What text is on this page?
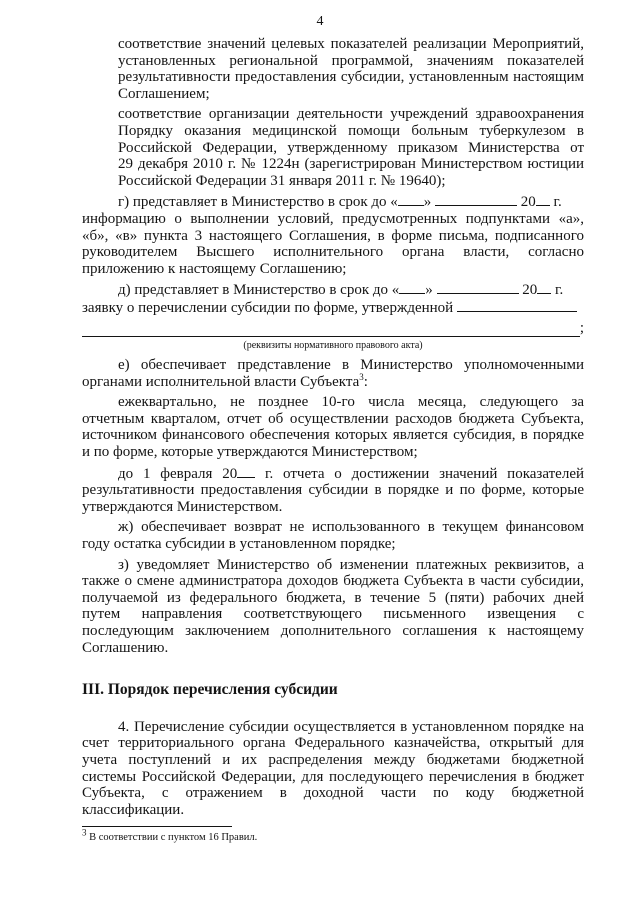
4

соответствие значений целевых показателей реализации Мероприятий,
установленных региональной программой, значениям показателей
результативности предоставления субсидии, установленным настоящим
Соглашением;

соответствие организации деятельности учреждений здравоохранения
Порядку оказания медицинской помощи больным туберкулезом в
Российской Федерации, утвержденному приказом Министерства от
29 декабря 2010 г. № 1224н (зарегистрирован Министерством юстиции
Российской Федерации 31 января 2011 г. № 19640);

г) представляет в Министерство в срок до « »	20 г.
информацию о выполнении условий, предусмотренных подпунктами «а»,
«б», «в» пункта 3 настоящего Соглашения, в форме письма, подписанного
руководителем Высшего исполнительного органа власти, согласно
приложению к настоящему Соглашению;

д) представляет в Министерство в срок до « »	20 г.
заявку о перечислении субсидии по форме, утвержденной

;
(реквизиты нормативного правового акта)

е) обеспечивает представление в Министерство уполномоченными
органами исполнительной власти Субъекта$^3$:

ежеквартально, не позднее 10-го числа месяца, следующего за
отчетным кварталом, отчет об осуществлении расходов бюджета Субъекта,
источником финансового обеспечения которых является субсидия, в порядке
и по форме, которые утверждаются Министерством;

до 1 февраля 20 г. отчета о достижении значений показателей
результативности предоставления субсидии в порядке и по форме, которые
утверждаются Министерством.

ж) обеспечивает возврат не использованного в текущем финансовом
году остатка субсидии в установленном порядке;

з) уведомляет Министерство об изменении платежных реквизитов, а
также о смене администратора доходов бюджета Субъекта в части субсидии,
получаемой из федерального бюджета, в течение 5 (пяти) рабочих дней
путем направления соответствующего письменного извещения с
последующим заключением дополнительного соглашения к настоящему
Соглашению.

III. Порядок перечисления субсидии

4. Перечисление субсидии осуществляется в установленном порядке на
счет территориального органа Федерального казначейства, открытый для
учета поступлений и их распределения между бюджетами бюджетной
системы Российской Федерации, для последующего перечисления в бюджет
Субъекта, с отражением в доходной части по коду бюджетной
классификации.

$^3$ В соответствии с пунктом 16 Правил.
